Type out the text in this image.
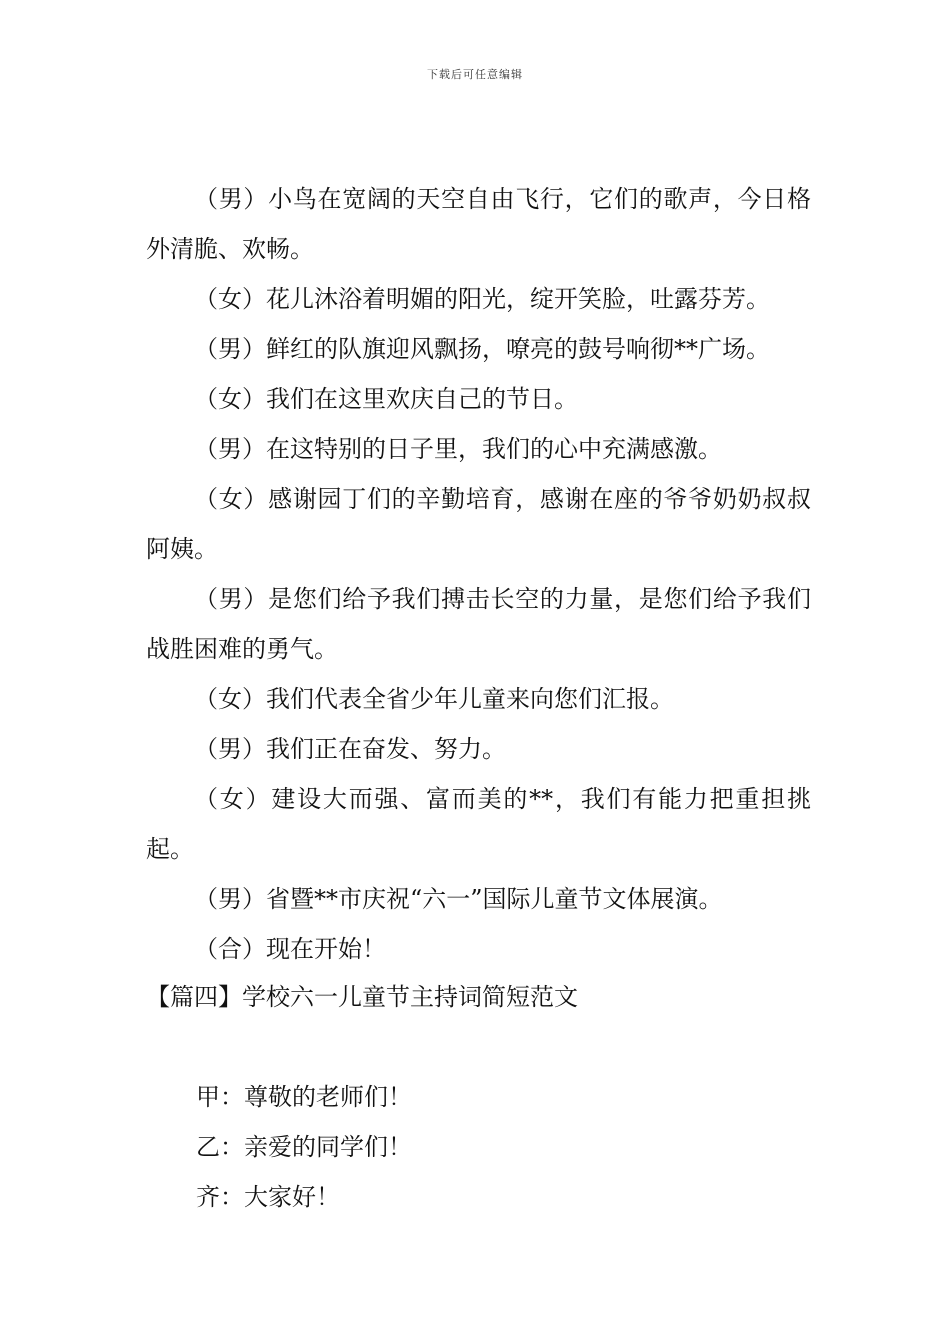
下载后可任意编辑

（男）小鸟在宽阔的天空自由飞行，它们的歌声，今日格外清脆、欢畅。

（女）花儿沐浴着明媚的阳光，绽开笑脸，吐露芬芳。

（男）鲜红的队旗迎风飘扬，嘹亮的鼓号响彻**广场。

（女）我们在这里欢庆自己的节日。

（男）在这特别的日子里，我们的心中充满感激。

（女）感谢园丁们的辛勤培育，感谢在座的爷爷奶奶叔叔阿姨。

（男）是您们给予我们搏击长空的力量，是您们给予我们战胜困难的勇气。

（女）我们代表全省少年儿童来向您们汇报。

（男）我们正在奋发、努力。

（女）建设大而强、富而美的**，我们有能力把重担挑起。

（男）省暨**市庆祝“六一”国际儿童节文体展演。

（合）现在开始！

【篇四】学校六一儿童节主持词简短范文

甲：尊敬的老师们！

乙：亲爱的同学们！

齐：大家好！
